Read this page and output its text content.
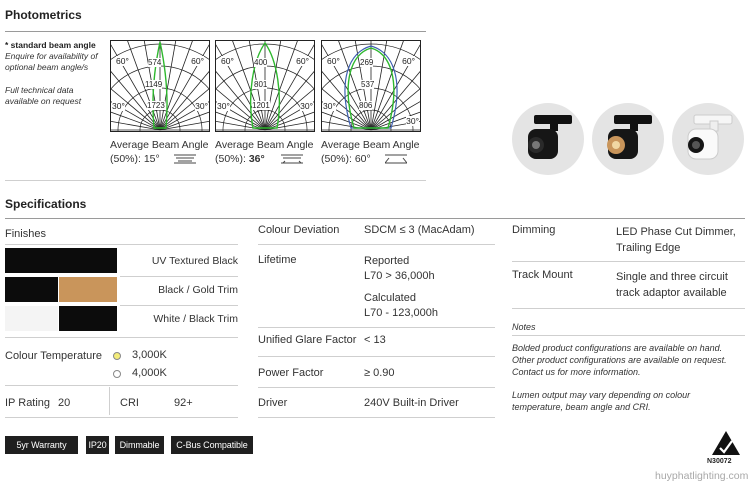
Photometrics
* standard beam angle
Enquire for availability of optional beam angle/s
Full technical data available on request
60°	60°
30°	30°
574
1149
1723
Average Beam Angle
(50%): 15°
60°	60°
30°	30°
400
801
1201
Average Beam Angle
(50%): 36°
60°	60°
30°
30°
269
537
806
Average Beam Angle
(50%): 60°
Specifications
Finishes
UV Textured Black
Black / Gold Trim
White / Black Trim
Colour Temperature	3,000K
4,000K
IP Rating 20	CRI	92+
Colour Deviation SDCM ≤ 3 (MacAdam)
Lifetime	Reported
L70 > 36,000h
Calculated
L70 - 123,000h
Unified Glare Factor < 13
Power Factor	≥ 0.90
Driver	240V Built-in Driver
Dimming	LED Phase Cut Dimmer,
Trailing Edge
Track Mount	Single and three circuit
track adaptor available
Notes
Bolded product configurations are available on hand.
Other product configurations are available on request.
Contact us for more information.
Lumen output may vary depending on colour
temperature, beam angle and CRI.
5yr Warranty	IP20	Dimmable	C-Bus Compatible
N30072
huyphatlighting.com
